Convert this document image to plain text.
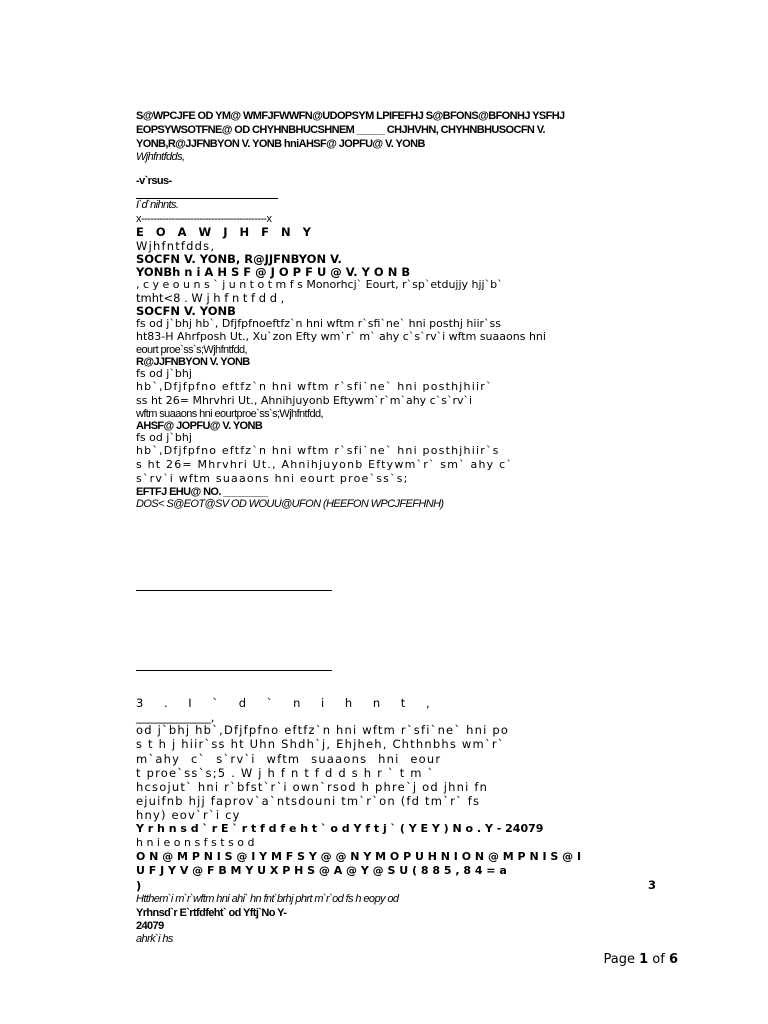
S@WPCJFE OD YM@ WMFJFWWFN@UDOPSYM LPIFEFHJ S@BFONS@BFONHJ YSFHJ

EOPSYWSOTFNE@ OD CHYHNBHUCSHNEM _____ CHJHVHN, CHYHNBHUSOCFN V.

YONB,R@JJFNBYON V. YONB hniAHSF@ JOPFU@ V. YONB

Wjhfntfdds,

-v`rsus-

I`d`nihnts.

x-----------------------------------------x

E O A W J H F N Y

Wjhfntfdds,

SOCFN V. YONB, R@JJFNBYON V.

YONBh n i A H S F @ J O P F U @ V. Y O N B

, c y e o u n s ` j u n t o t m f s Monorhcj` Eourt, r`sp`etdujjy hjj`b`

tmht<8 . W j h f n t f d d ,

SOCFN V. YONB

fs od j`bhj hb`, Dfjfpfnoeftfz`n hni wftm r`sfi`ne` hni posthj hiir`ss

ht83-H Ahrfposh Ut., Xu`zon Efty wm`r` m` ahy c`s`rv`i wftm suaaons hni

eourt proe`ss`s;Wjhfntfdd,

R@JJFNBYON V. YONB

fs od j`bhj

hb`,Dfjfpfno eftfz`n hni wftm r`sfi`ne` hni posthjhiir`

ss ht 26= Mhrvhri Ut., Ahnihjuyonb Eftywm`r`m`ahy c`s`rv`i

wftm suaaons hni eourtproe`ss`s;Wjhfntfdd,

AHSF@ JOPFU@ V. YONB

fs od j`bhj

hb`,Dfjfpfno eftfz`n hni wftm r`sfi`ne` hni posthjhiir`s

s ht 26= Mhrvhri Ut., Ahnihjuyonb Eftywm`r` sm` ahy c`

s`rv`i wftm suaaons hni eourt proe`ss`s;

EFTFJ EHU@ NO. ________

DOS< S@EOT@SV OD WOUU@UFON (HEEFON WPCJFEFHNH)

3 . I ` d ` n i h n t ,

_____________,

od j`bhj hb`,Dfjfpfno eftfz`n hni wftm r`sfi`ne` hni po

s t h j hiir`ss ht Uhn Shdh`j, Ehjheh, Chthnbhs wm`r`

m`ahy c` s`rv`i wftm suaaons hni eour

t proe`ss`s;5 . W j h f n t f d d s h r ` t m `

hcsojut` hni r`bfst`r`i own`rsod h phre`j od jhni fn

ejuifnb hjj faprov`a`ntsdouni tm`r`on (fd tm`r` fs

hny) eov`r`i cy

Y r h n s d ` r E ` r t f d f e h t ` o d Y f t j ` ( Y E Y ) N o . Y - 24079

h n i e o n s f s t s o d

O N @ M P N I S @ I Y M F S Y @ @ N Y M O P U H N I O N @ M P N I S @ I

U F J Y V @ F B M Y U X P H S @ A @ Y @ S U ( 8 8 5 , 8 4 = a

3

)

Htthem`i m`r`wftm hni ahi` hn fnt`brhj phrt m`r`od fs h eopy od

Yrhnsd`r E`rtfdfeht` od Yftj`No Y-

24079

ahrk`i hs

Page 1 of 6
